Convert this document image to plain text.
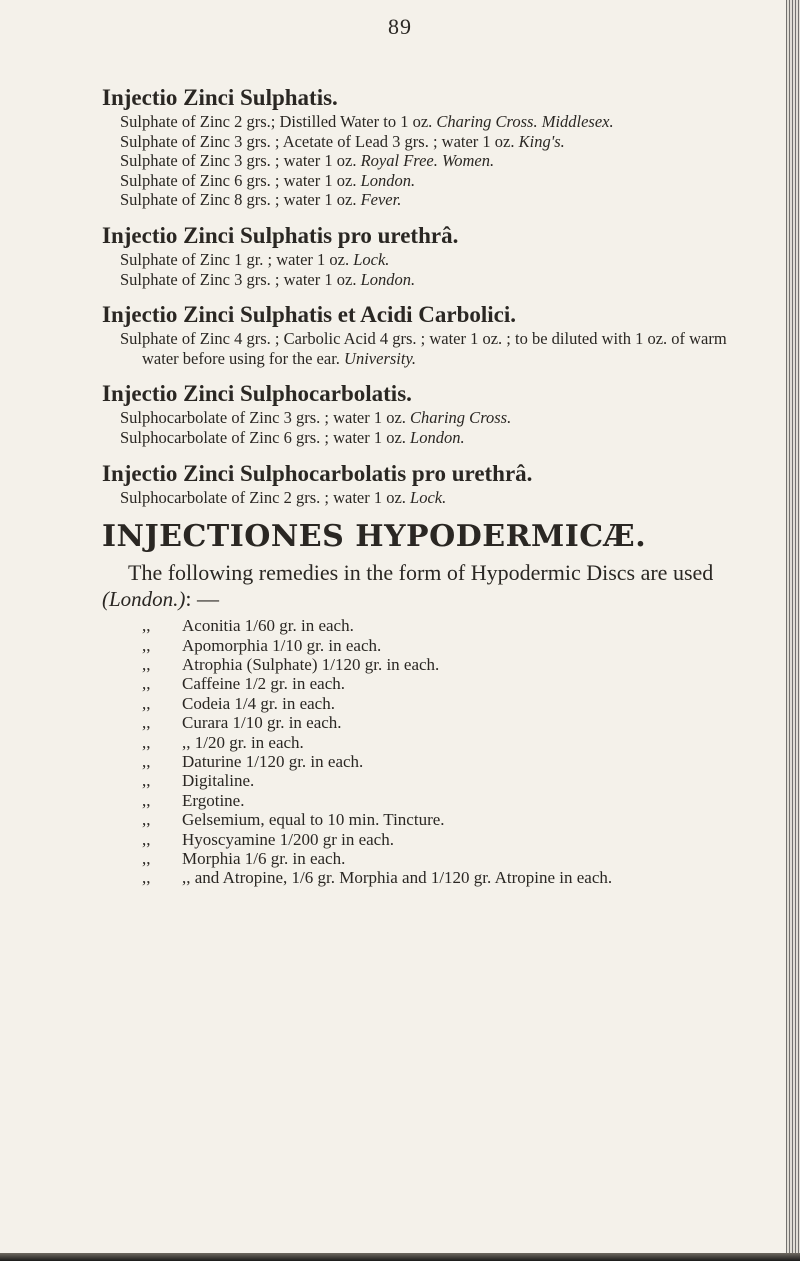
89
Injectio Zinci Sulphatis.
Sulphate of Zinc 2 grs.; Distilled Water to 1 oz. Charing Cross. Middlesex.
Sulphate of Zinc 3 grs. ; Acetate of Lead 3 grs. ; water 1 oz. King's.
Sulphate of Zinc 3 grs. ; water 1 oz. Royal Free. Women.
Sulphate of Zinc 6 grs. ; water 1 oz. London.
Sulphate of Zinc 8 grs. ; water 1 oz. Fever.
Injectio Zinci Sulphatis pro urethrâ.
Sulphate of Zinc 1 gr. ; water 1 oz. Lock.
Sulphate of Zinc 3 grs. ; water 1 oz. London.
Injectio Zinci Sulphatis et Acidi Carbolici.
Sulphate of Zinc 4 grs. ; Carbolic Acid 4 grs. ; water 1 oz. ; to be diluted with 1 oz. of warm water before using for the ear. University.
Injectio Zinci Sulphocarbolatis.
Sulphocarbolate of Zinc 3 grs. ; water 1 oz. Charing Cross.
Sulphocarbolate of Zinc 6 grs. ; water 1 oz. London.
Injectio Zinci Sulphocarbolatis pro urethrâ.
Sulphocarbolate of Zinc 2 grs. ; water 1 oz. Lock.
INJECTIONES HYPODERMICÆ.

The following remedies in the form of Hypodermic Discs are used (London.): —

,, Aconitia 1/60 gr. in each.
,, Apomorphia 1/10 gr. in each.
,, Atrophia (Sulphate) 1/120 gr. in each.
,, Caffeine 1/2 gr. in each.
,, Codeia 1/4 gr. in each.
,, Curara 1/10 gr. in each.
,, ,, 1/20 gr. in each.
,, Daturine 1/120 gr. in each.
,, Digitaline.
,, Ergotine.
,, Gelsemium, equal to 10 min. Tincture.
,, Hyoscyamine 1/200 gr in each.
,, Morphia 1/6 gr. in each.
,, ,, and Atropine, 1/6 gr. Morphia and 1/120 gr. Atropine in each.
